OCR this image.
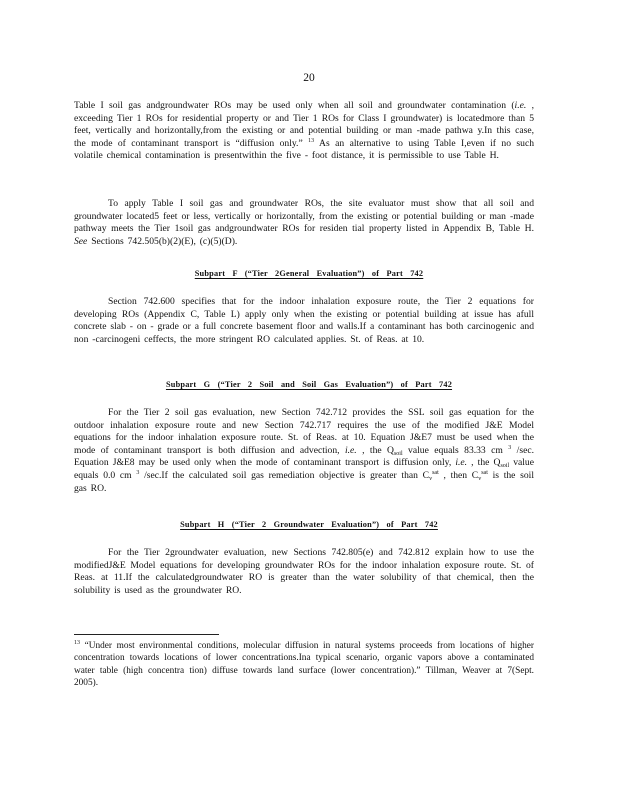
20

Table I soil gas andgroundwater ROs may be used only when all soil and groundwater contamination (i.e. , exceeding Tier 1 ROs for residential property or and Tier 1 ROs for Class I groundwater) is locatedmore than 5 feet, vertically and horizontally,from the existing or and potential building or man -made pathwa y.In this case, the mode of contaminant transport is “diffusion only.” $^{13}$ As an alternative to using Table I,even if no such volatile chemical contamination is presentwithin the five - foot distance, it is permissible to use Table H.

To apply Table I soil gas and groundwater ROs, the site evaluator must show that all soil and groundwater located5 feet or less, vertically or horizontally, from the existing or potential building or man -made pathway meets the Tier 1soil gas andgroundwater ROs for residen tial property listed in Appendix B, Table H. See Sections 742.505(b)(2)(E), (c)(5)(D).

Subpart F (“Tier 2General Evaluation”) of Part 742

Section 742.600 specifies that for the indoor inhalation exposure route, the Tier 2 equations for developing ROs (Appendix C, Table L) apply only when the existing or potential building at issue has afull concrete slab - on - grade or a full concrete basement floor and walls.If a contaminant has both carcinogenic and non -carcinogeni ceffects, the more stringent RO calculated applies. St. of Reas. at 10.

Subpart G (“Tier 2 Soil and Soil Gas Evaluation”) of Part 742

For the Tier 2 soil gas evaluation, new Section 742.712 provides the SSL soil gas equation for the outdoor inhalation exposure route and new Section 742.717 requires the use of the modified J&E Model equations for the indoor inhalation exposure route. St. of Reas. at 10. Equation J&E7 must be used when the mode of contaminant transport is both diffusion and advection, i.e. , the $Q_{soil}$ value equals 83.33 cm $^3$ /sec. Equation J&E8 may be used only when the mode of contaminant transport is diffusion only, i.e. , the $Q_{soil}$ value equals 0.0 cm $^3$ /sec.If the calculated soil gas remediation objective is greater than $C_v^{sat}$ , then $C_v^{sat}$ is the soil gas RO.

Subpart H (“Tier 2 Groundwater Evaluation”) of Part 742

For the Tier 2groundwater evaluation, new Sections 742.805(e) and 742.812 explain how to use the modifiedJ&E Model equations for developing groundwater ROs for the indoor inhalation exposure route. St. of Reas. at 11.If the calculatedgroundwater RO is greater than the water solubility of that chemical, then the solubility is used as the groundwater RO.

$^{13}$ “Under most environmental conditions, molecular diffusion in natural systems proceeds from locations of higher concentration towards locations of lower concentrations.Ina typical scenario, organic vapors above a contaminated water table (high concentra tion) diffuse towards land surface (lower concentration).” Tillman, Weaver at 7(Sept. 2005).
